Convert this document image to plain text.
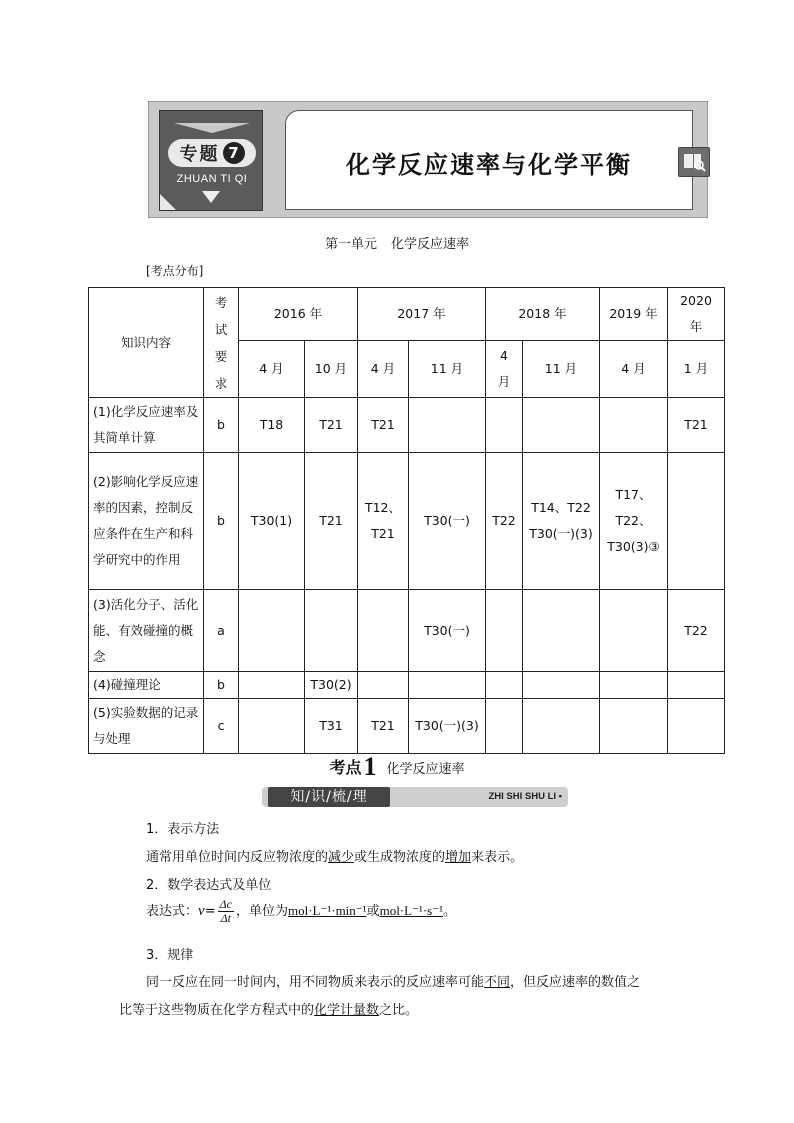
专题 7
ZHUAN TI QI	化学反应速率与化学平衡
第一单元 化学反应速率
[考点分布]
知识内容	考试要求	2016 年		2017 年		2018 年		2019 年	2020 年
		4 月	10 月	4 月	11 月	4 月	11 月	4 月	1 月
(1)化学反应速率及其简单计算	b	T18	T21	T21					T21
(2)影响化学反应速率的因素，控制反应条件在生产和科学研究中的作用	b	T30(1)	T21	T12、T21	T30(一)	T22	T14、T22 T30(一)(3)	T17、T22、T30(3)③	
(3)活化分子、活化能、有效碰撞的概念	a				T30(一)				T22
(4)碰撞理论	b		T30(2)						
(5)实验数据的记录与处理	c		T31	T21	T30(一)(3)				
考点1 化学反应速率
知/识/梳/理	ZHI SHI SHU LI •
1．表示方法
通常用单位时间内反应物浓度的减少或生成物浓度的增加来表示。
2．数学表达式及单位
表达式：$v= \frac{\Delta c}{\Delta t}$ ，单位为mol·L⁻¹·min⁻¹或mol·L⁻¹·s⁻¹。
3．规律
同一反应在同一时间内，用不同物质来表示的反应速率可能不同，但反应速率的数值之
比等于这些物质在化学方程式中的化学计量数之比。
